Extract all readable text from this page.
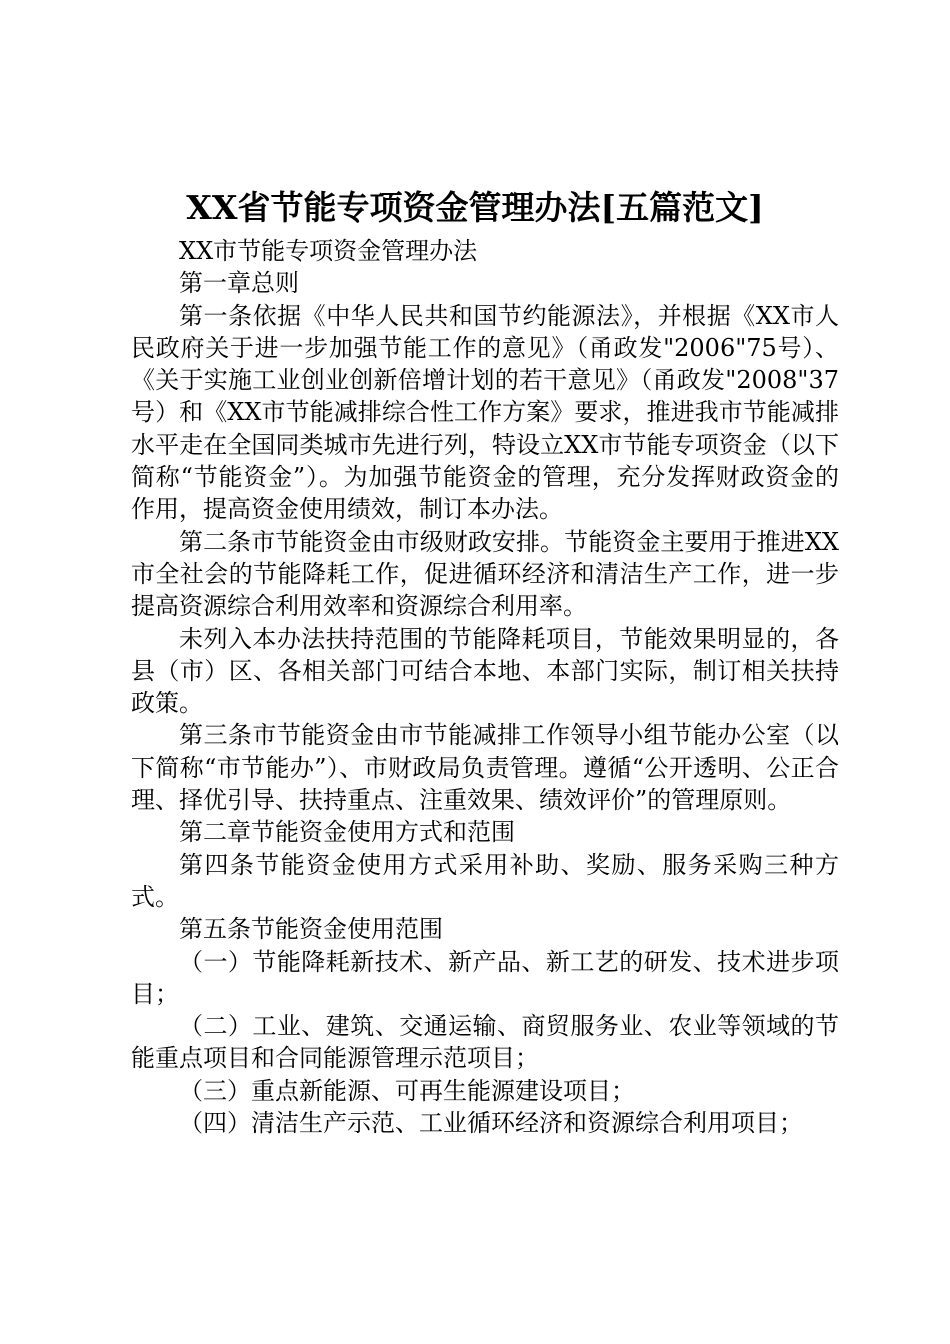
XX省节能专项资金管理办法[五篇范文]

XX市节能专项资金管理办法

第一章总则

第一条依据《中华人民共和国节约能源法》，并根据《XX市人民政府关于进一步加强节能工作的意见》（甬政发"2006"75号）、《关于实施工业创业创新倍增计划的若干意见》（甬政发"2008"37号）和《XX市节能减排综合性工作方案》要求，推进我市节能减排水平走在全国同类城市先进行列，特设立XX市节能专项资金（以下简称“节能资金”）。为加强节能资金的管理，充分发挥财政资金的作用，提高资金使用绩效，制订本办法。

第二条市节能资金由市级财政安排。节能资金主要用于推进XX市全社会的节能降耗工作，促进循环经济和清洁生产工作，进一步提高资源综合利用效率和资源综合利用率。

未列入本办法扶持范围的节能降耗项目，节能效果明显的，各县（市）区、各相关部门可结合本地、本部门实际，制订相关扶持政策。

第三条市节能资金由市节能减排工作领导小组节能办公室（以下简称“市节能办”）、市财政局负责管理。遵循“公开透明、公正合理、择优引导、扶持重点、注重效果、绩效评价”的管理原则。

第二章节能资金使用方式和范围

第四条节能资金使用方式采用补助、奖励、服务采购三种方式。

第五条节能资金使用范围

（一）节能降耗新技术、新产品、新工艺的研发、技术进步项目；

（二）工业、建筑、交通运输、商贸服务业、农业等领域的节能重点项目和合同能源管理示范项目；

（三）重点新能源、可再生能源建设项目；

（四）清洁生产示范、工业循环经济和资源综合利用项目；
